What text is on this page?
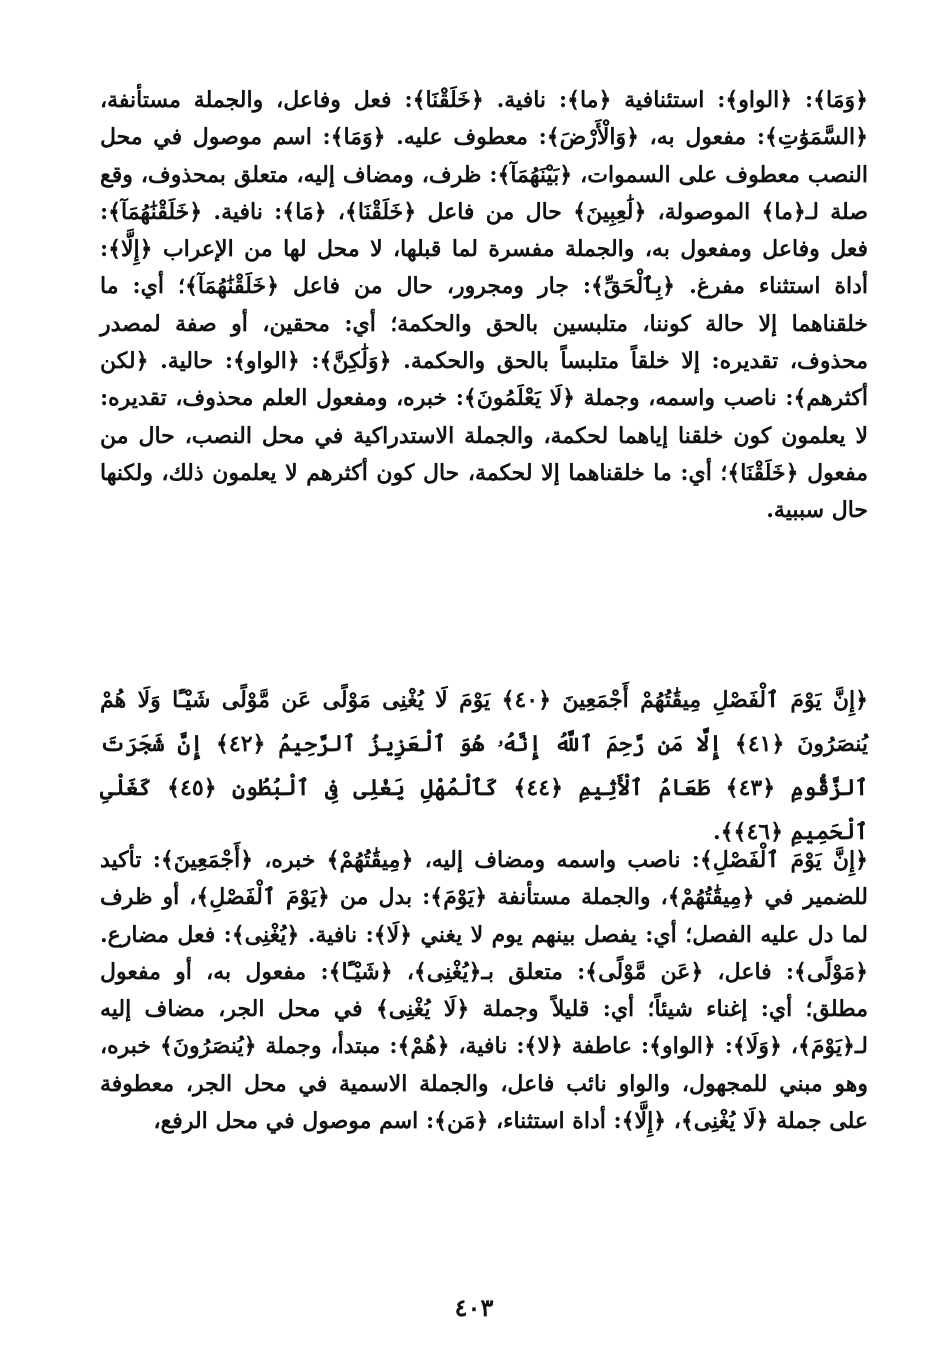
﴿وَمَا﴾: ﴿الواو﴾: استئنافية ﴿ما﴾: نافية. ﴿خَلَقْنَا﴾: فعل وفاعل، والجملة مستأنفة، ﴿السَّمَوَٰتِ﴾: مفعول به، ﴿وَالْأَرْضَ﴾: معطوف عليه. ﴿وَمَا﴾: اسم موصول في محل النصب معطوف على السموات، ﴿بَيْنَهُمَآ﴾: ظرف، ومضاف إليه، متعلق بمحذوف، وقع صلة لـ﴿ما﴾ الموصولة، ﴿لَٰعِبِينَ﴾ حال من فاعل ﴿خَلَقْنَا﴾، ﴿مَا﴾: نافية. ﴿خَلَقْنَٰهُمَآ﴾: فعل وفاعل ومفعول به، والجملة مفسرة لما قبلها، لا محل لها من الإعراب ﴿إِلَّا﴾: أداة استثناء مفرغ. ﴿بِٱلْحَقِّ﴾: جار ومجرور، حال من فاعل ﴿خَلَقْنَٰهُمَآ﴾؛ أي: ما خلقناهما إلا حالة كوننا، متلبسين بالحق والحكمة؛ أي: محقين، أو صفة لمصدر محذوف، تقديره: إلا خلقاً متلبساً بالحق والحكمة. ﴿وَلَٰكِنَّ﴾: ﴿الواو﴾: حالية. ﴿لكن أكثرهم﴾: ناصب واسمه، وجملة ﴿لَا يَعْلَمُونَ﴾: خبره، ومفعول العلم محذوف، تقديره: لا يعلمون كون خلقنا إياهما لحكمة، والجملة الاستدراكية في محل النصب، حال من مفعول ﴿خَلَقْنَا﴾؛ أي: ما خلقناهما إلا لحكمة، حال كون أكثرهم لا يعلمون ذلك، ولكنها حال سببية.

﴿إِنَّ يَوْمَ ٱلْفَصْلِ مِيقَٰتُهُمْ أَجْمَعِينَ ﴿٤٠﴾ يَوْمَ لَا يُغْنِى مَوْلًى عَن مَّوْلًى شَيْـًٔا وَلَا هُمْ يُنصَرُونَ ﴿٤١﴾ إِلَّا مَن رَّحِمَ ٱللَّهُ إِنَّهُۥ هُوَ ٱلْعَزِيزُ ٱلرَّحِيمُ ﴿٤٢﴾ إِنَّ شَجَرَتَ ٱلزَّقُّومِ ﴿٤٣﴾ طَعَامُ ٱلْأَثِيمِ ﴿٤٤﴾ كَٱلْمُهْلِ يَغْلِى فِى ٱلْبُطُونِ ﴿٤٥﴾ كَغَلْىِ ٱلْحَمِيمِ ﴿٤٦﴾﴾.

﴿إِنَّ يَوْمَ ٱلْفَصْلِ﴾: ناصب واسمه ومضاف إليه، ﴿مِيقَٰتُهُمْ﴾ خبره، ﴿أَجْمَعِينَ﴾: تأكيد للضمير في ﴿مِيقَٰتُهُمْ﴾، والجملة مستأنفة ﴿يَوْمَ﴾: بدل من ﴿يَوْمَ ٱلْفَصْلِ﴾، أو ظرف لما دل عليه الفصل؛ أي: يفصل بينهم يوم لا يغني ﴿لَا﴾: نافية. ﴿يُغْنِى﴾: فعل مضارع. ﴿مَوْلًى﴾: فاعل، ﴿عَن مَّوْلًى﴾: متعلق بـ﴿يُغْنِى﴾، ﴿شَيْـًٔا﴾: مفعول به، أو مفعول مطلق؛ أي: إغناء شيئاً؛ أي: قليلاً وجملة ﴿لَا يُغْنِى﴾ في محل الجر، مضاف إليه لـ﴿يَوْمَ﴾، ﴿وَلَا﴾: ﴿الواو﴾: عاطفة ﴿لا﴾: نافية، ﴿هُمْ﴾: مبتدأ، وجملة ﴿يُنصَرُونَ﴾ خبره، وهو مبني للمجهول، والواو نائب فاعل، والجملة الاسمية في محل الجر، معطوفة على جملة ﴿لَا يُغْنِى﴾، ﴿إِلَّا﴾: أداة استثناء، ﴿مَن﴾: اسم موصول في محل الرفع،

٤٠٣
